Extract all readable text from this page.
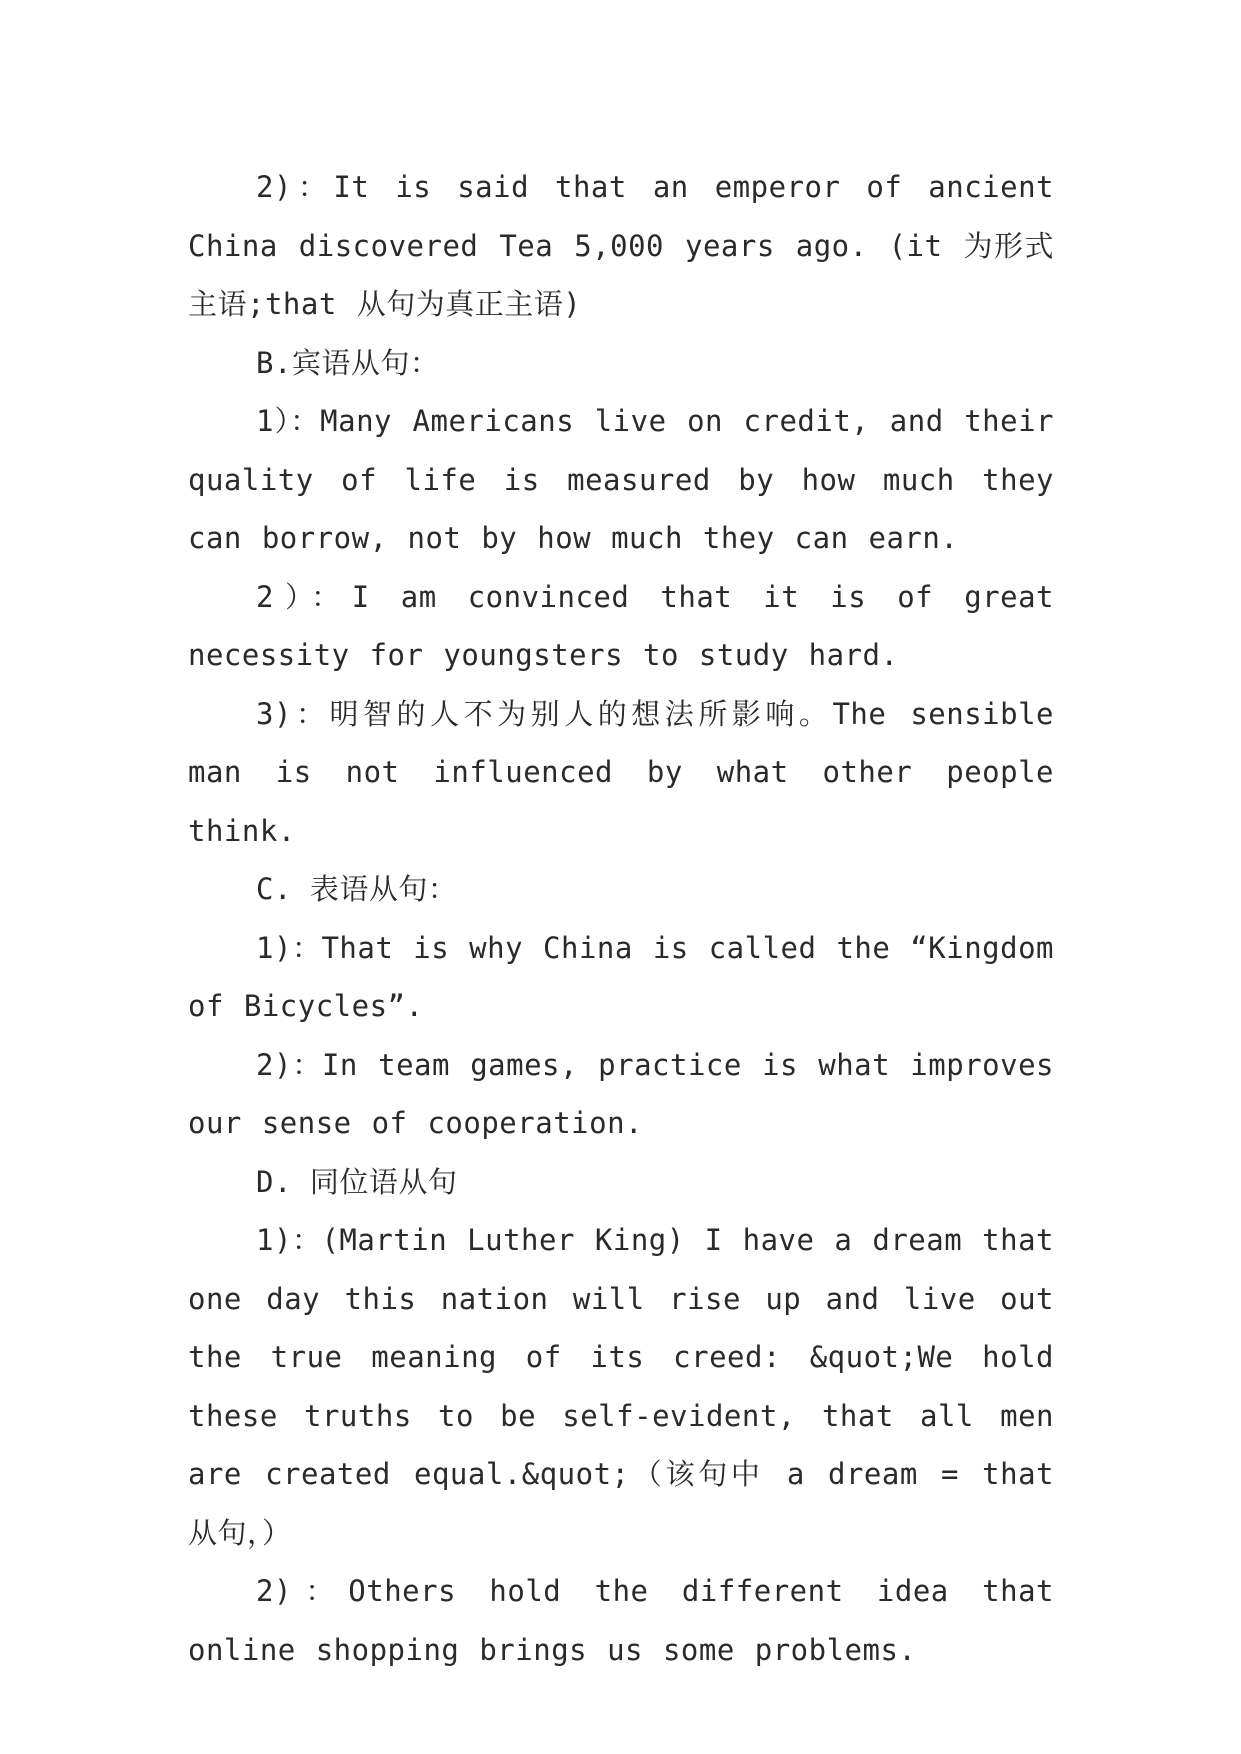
2)：It is said that an emperor of ancient China discovered Tea 5,000 years ago. (it 为形式主语;that 从句为真正主语)

B.宾语从句：

1）：Many Americans live on credit, and their quality of life is measured by how much they can borrow, not by how much they can earn.

2）：I am convinced that it is of great necessity for youngsters to study hard.

3)：明智的人不为别人的想法所影响。The sensible man is not influenced by what other people think.

C. 表语从句：

1)：That is why China is called the “Kingdom of Bicycles”.

2)：In team games, practice is what improves our sense of cooperation.

D. 同位语从句

1)：(Martin Luther King) I have a dream that one day this nation will rise up and live out the true meaning of its creed: &quot;We hold these truths to be self-evident, that all men are created equal.&quot;（该句中 a dream = that 从句，）

2)：Others hold the different idea that online shopping brings us some problems.
